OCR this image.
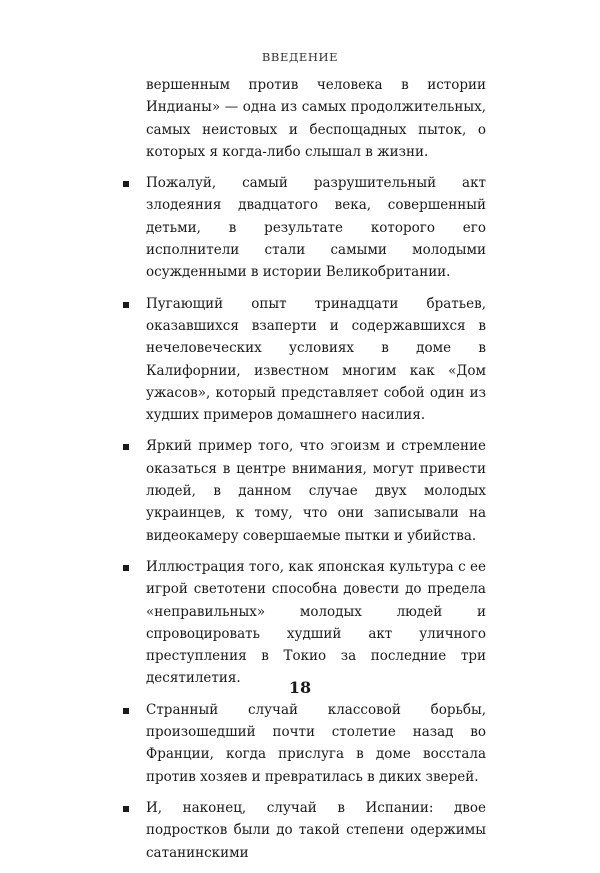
ВВЕДЕНИЕ

вершенным против человека в истории Индианы» — одна из самых продолжительных, самых неистовых и беспощадных пыток, о которых я когда-либо слышал в жизни.

Пожалуй, самый разрушительный акт злодеяния двадцатого века, совершенный детьми, в результате которого его исполнители стали самыми молодыми осужденными в истории Великобритании.
Пугающий опыт тринадцати братьев, оказавшихся взаперти и содержавшихся в нечеловеческих условиях в доме в Калифорнии, известном многим как «Дом ужасов», который представляет собой один из худших примеров домашнего насилия.
Яркий пример того, что эгоизм и стремление оказаться в центре внимания, могут привести людей, в данном случае двух молодых украинцев, к тому, что они записывали на видеокамеру совершаемые пытки и убийства.
Иллюстрация того, как японская культура с ее игрой светотени способна довести до предела «неправильных» молодых людей и спровоцировать худший акт уличного преступления в Токио за последние три десятилетия.
Странный случай классовой борьбы, произошедший почти столетие назад во Франции, когда прислуга в доме восстала против хозяев и превратилась в диких зверей.
И, наконец, случай в Испании: двое подростков были до такой степени одержимы сатанинскими
18
